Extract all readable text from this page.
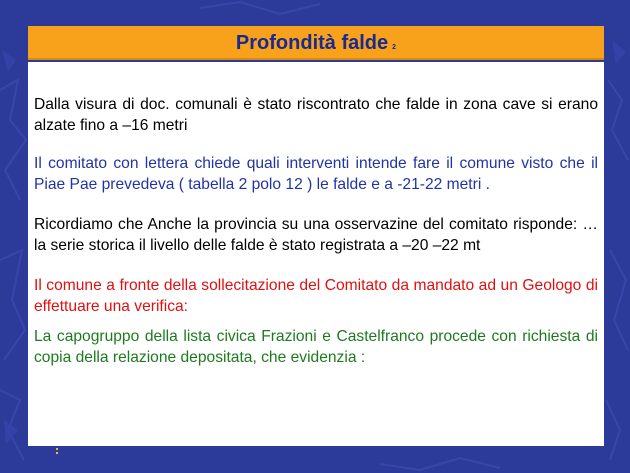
Profondità falde 2

Dalla visura di doc. comunali è stato riscontrato che falde in zona cave si erano alzate fino a –16 metri

Il comitato con lettera chiede quali interventi intende fare il comune visto che il Piae Pae prevedeva ( tabella 2 polo 12 ) le falde e a -21-22 metri .

Ricordiamo che Anche la provincia su una osservazine del comitato risponde: …la serie storica il livello delle falde è stato registrata a –20 –22 mt

Il comune a fronte della sollecitazione del Comitato da mandato ad un Geologo di effettuare una verifica:

La capogruppo della lista civica Frazioni e Castelfranco procede con richiesta di copia della relazione depositata, che evidenzia :
